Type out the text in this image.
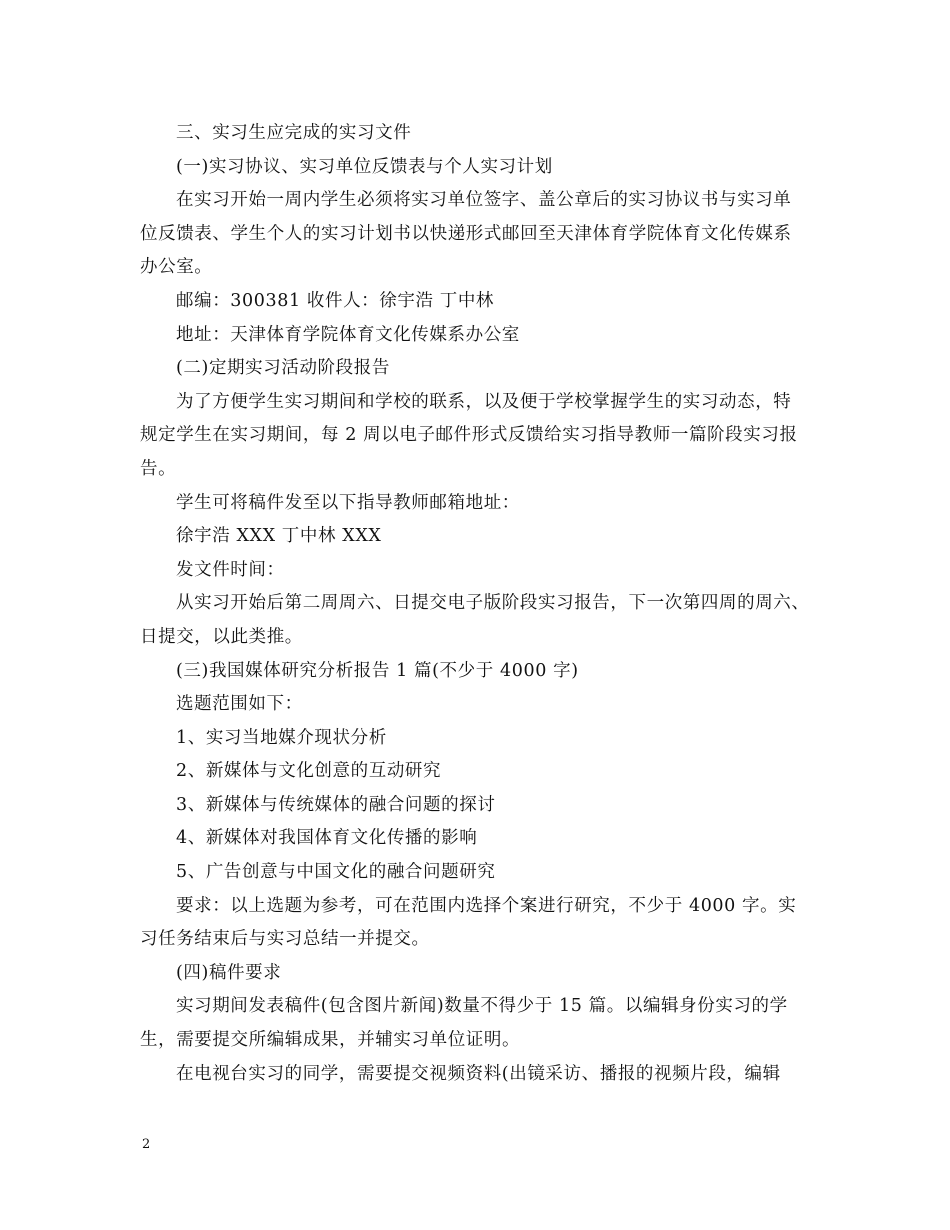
三、实习生应完成的实习文件
(一)实习协议、实习单位反馈表与个人实习计划
在实习开始一周内学生必须将实习单位签字、盖公章后的实习协议书与实习单
位反馈表、学生个人的实习计划书以快递形式邮回至天津体育学院体育文化传媒系
办公室。
邮编：300381 收件人：徐宇浩 丁中林
地址：天津体育学院体育文化传媒系办公室
(二)定期实习活动阶段报告
为了方便学生实习期间和学校的联系，以及便于学校掌握学生的实习动态，特
规定学生在实习期间，每 2 周以电子邮件形式反馈给实习指导教师一篇阶段实习报
告。
学生可将稿件发至以下指导教师邮箱地址：
徐宇浩 XXX 丁中林 XXX
发文件时间：
从实习开始后第二周周六、日提交电子版阶段实习报告，下一次第四周的周六、
日提交，以此类推。
(三)我国媒体研究分析报告 1 篇(不少于 4000 字)
选题范围如下：
1、实习当地媒介现状分析
2、新媒体与文化创意的互动研究
3、新媒体与传统媒体的融合问题的探讨
4、新媒体对我国体育文化传播的影响
5、广告创意与中国文化的融合问题研究
要求：以上选题为参考，可在范围内选择个案进行研究，不少于 4000 字。实
习任务结束后与实习总结一并提交。
(四)稿件要求
实习期间发表稿件(包含图片新闻)数量不得少于 15 篇。以编辑身份实习的学
生，需要提交所编辑成果，并辅实习单位证明。
在电视台实习的同学，需要提交视频资料(出镜采访、播报的视频片段，编辑
2
